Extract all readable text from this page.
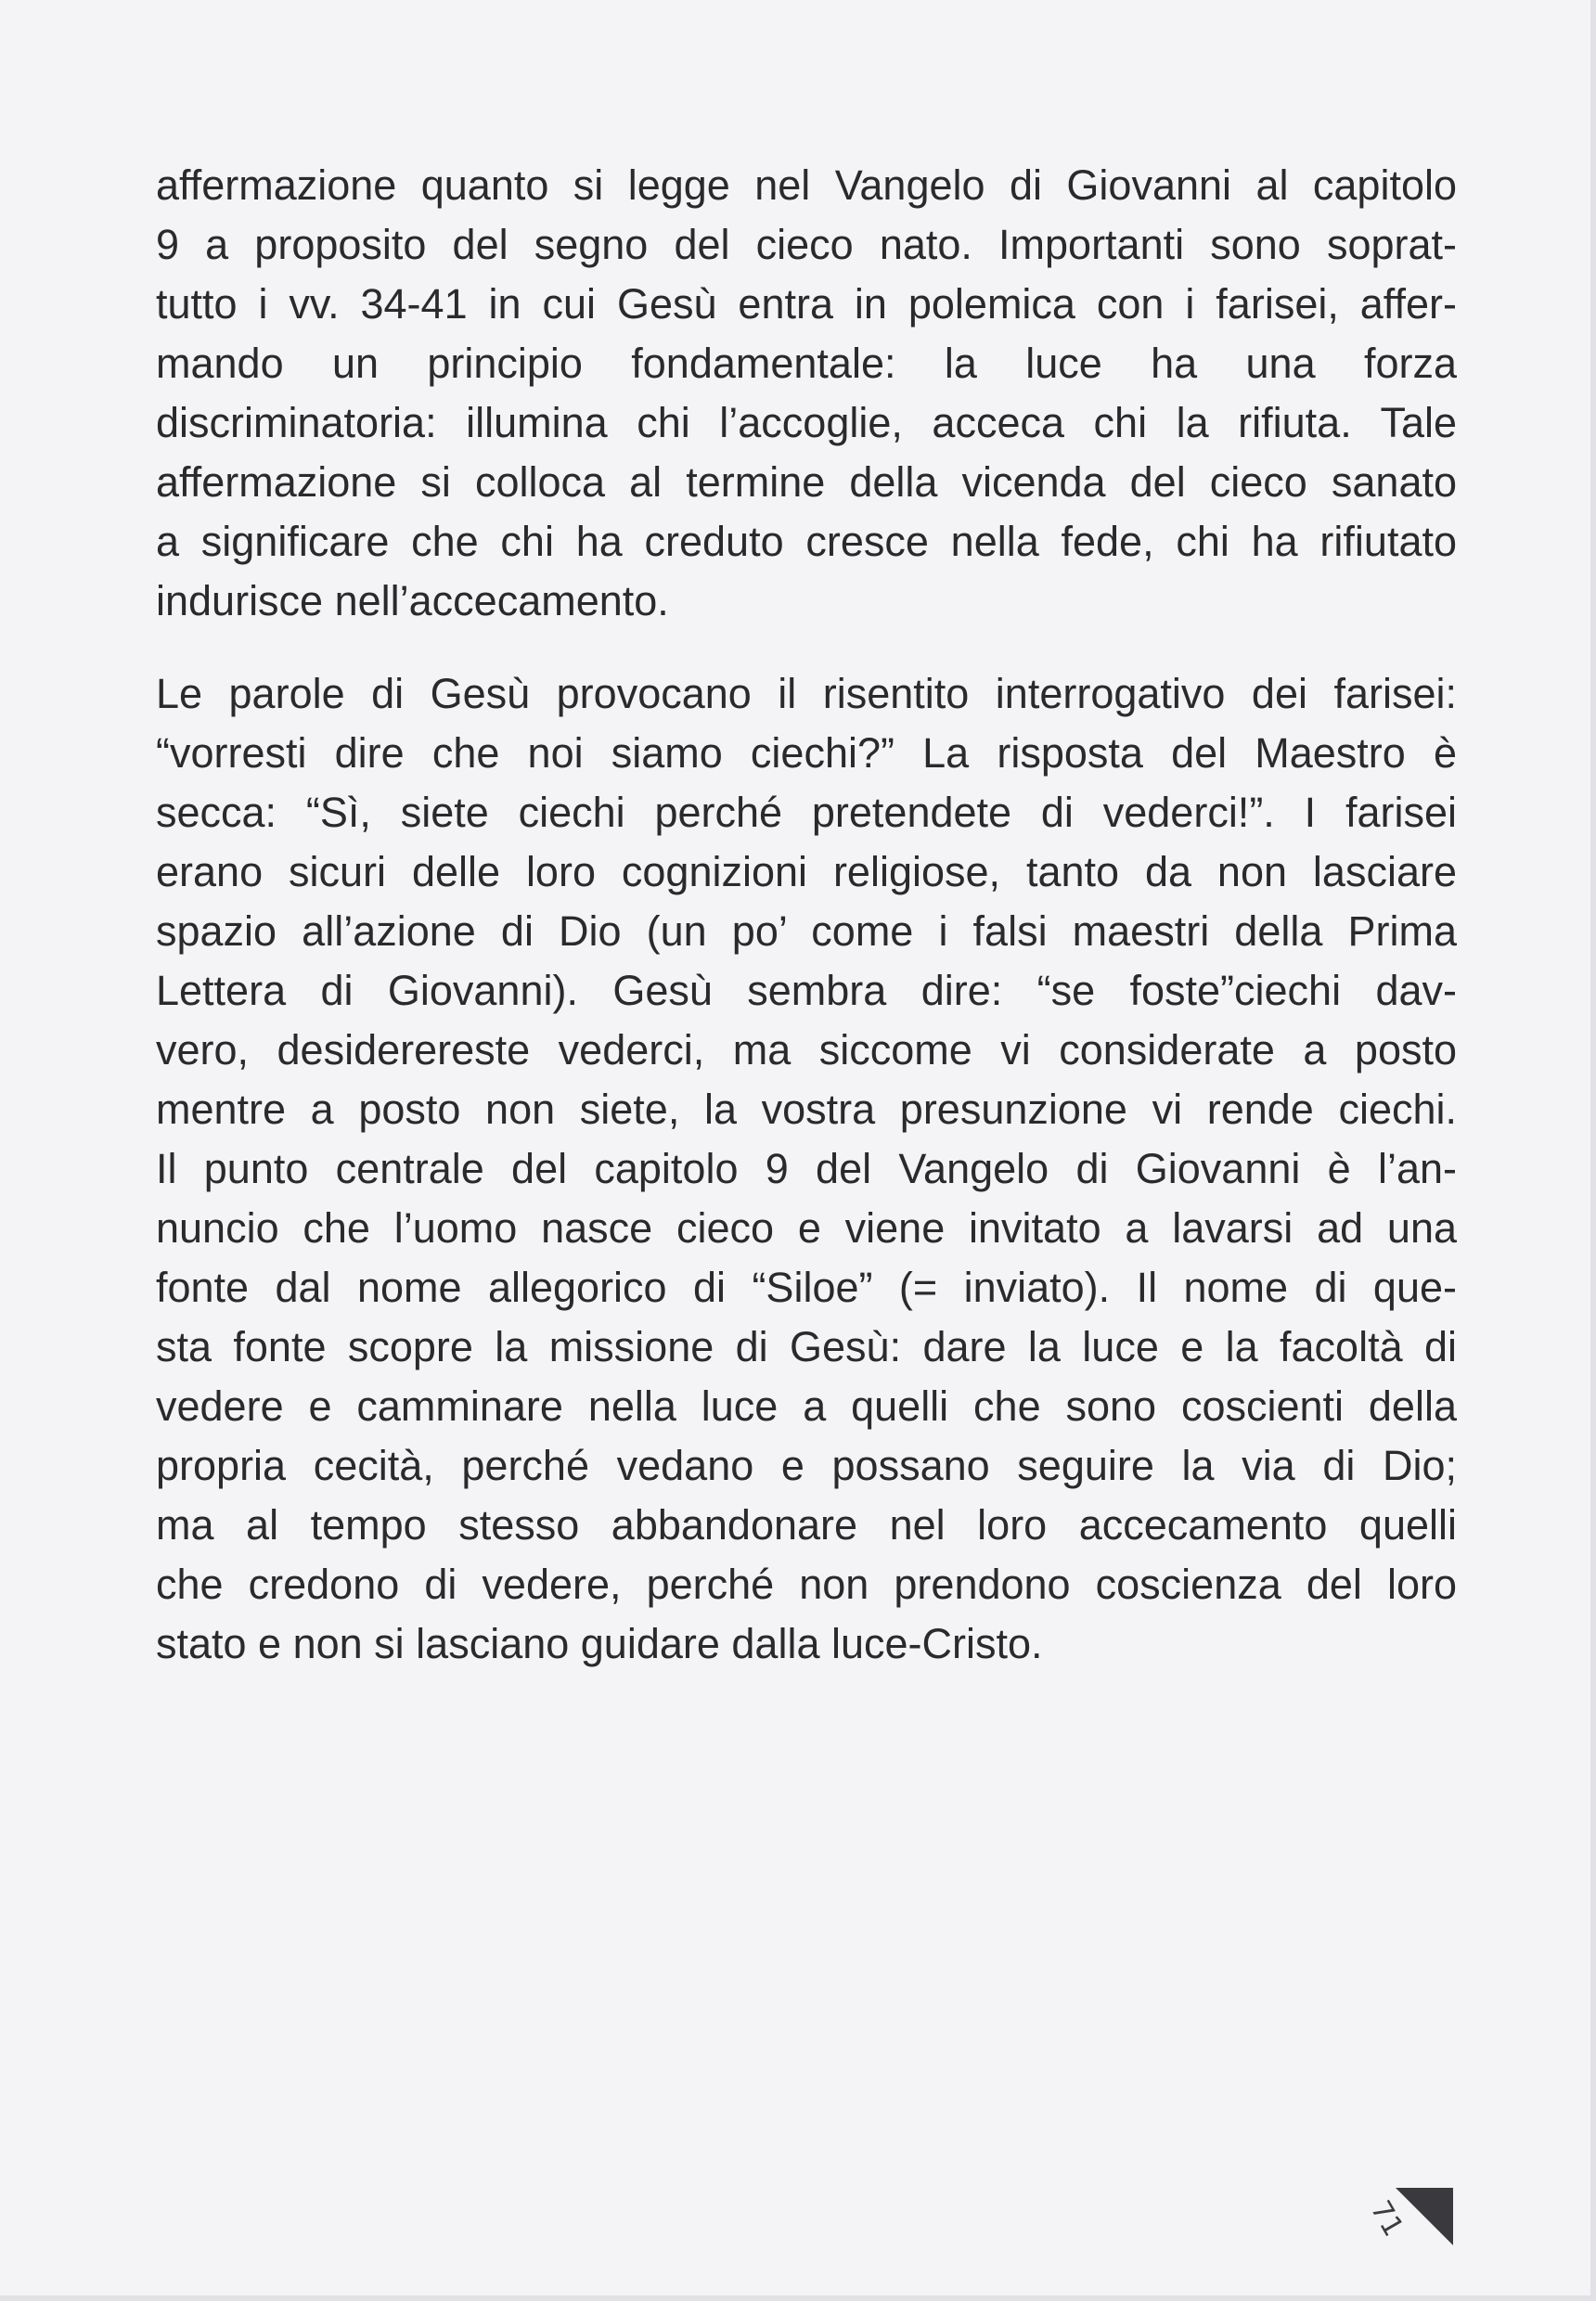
affermazione quanto si legge nel Vangelo di Giovanni al capitolo
9 a proposito del segno del cieco nato. Importanti sono soprat-
tutto i vv. 34-41 in cui Gesù entra in polemica con i farisei, affer-
mando un principio fondamentale: la luce ha una forza
discriminatoria: illumina chi l’accoglie, acceca chi la rifiuta. Tale
affermazione si colloca al termine della vicenda del cieco sanato
a significare che chi ha creduto cresce nella fede, chi ha rifiutato
indurisce nell’accecamento.

Le parole di Gesù provocano il risentito interrogativo dei farisei:
“vorresti dire che noi siamo ciechi?” La risposta del Maestro è
secca: “Sì, siete ciechi perché pretendete di vederci!”. I farisei
erano sicuri delle loro cognizioni religiose, tanto da non lasciare
spazio all’azione di Dio (un po’ come i falsi maestri della Prima
Lettera di Giovanni). Gesù sembra dire: “se foste”ciechi dav-
vero, desiderereste vederci, ma siccome vi considerate a posto
mentre a posto non siete, la vostra presunzione vi rende ciechi.
Il punto centrale del capitolo 9 del Vangelo di Giovanni è l’an-
nuncio che l’uomo nasce cieco e viene invitato a lavarsi ad una
fonte dal nome allegorico di “Siloe” (= inviato). Il nome di que-
sta fonte scopre la missione di Gesù: dare la luce e la facoltà di
vedere e camminare nella luce a quelli che sono coscienti della
propria cecità, perché vedano e possano seguire la via di Dio;
ma al tempo stesso abbandonare nel loro accecamento quelli
che credono di vedere, perché non prendono coscienza del loro
stato e non si lasciano guidare dalla luce-Cristo.

71
